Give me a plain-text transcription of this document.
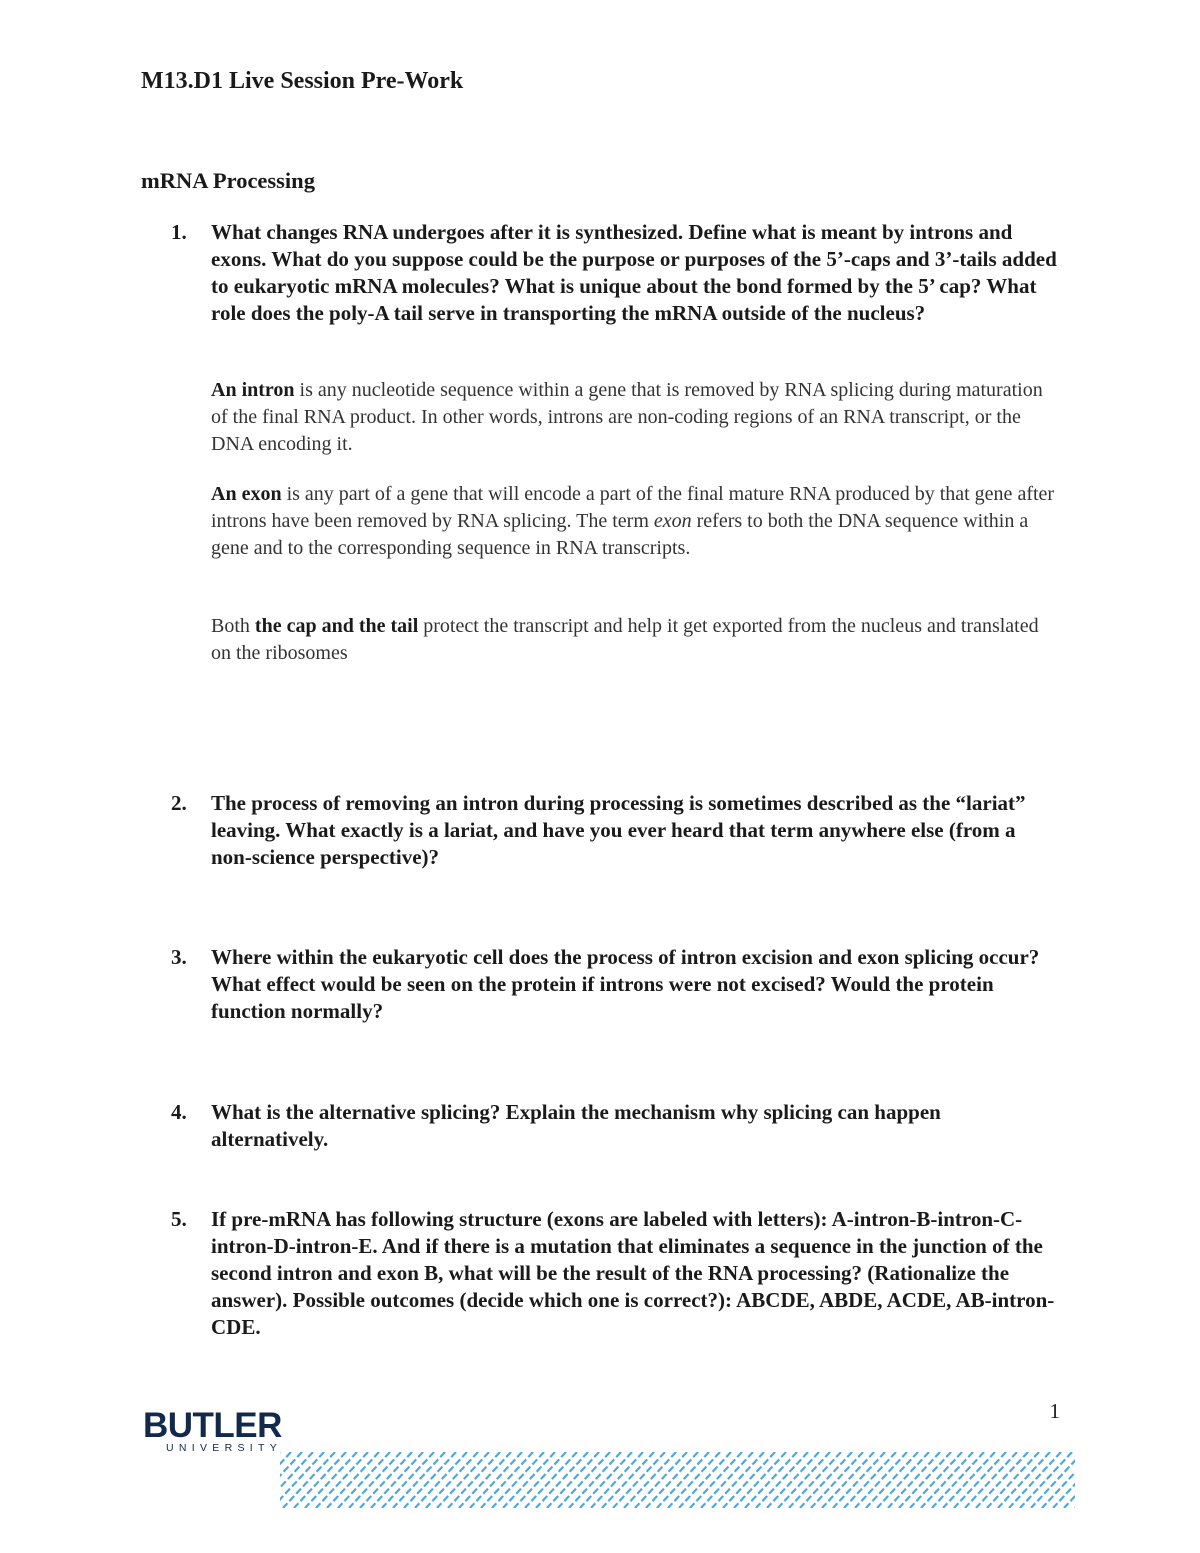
M13.D1 Live Session Pre-Work
mRNA Processing
1.	What changes RNA undergoes after it is synthesized. Define what is meant by introns and exons. What do you suppose could be the purpose or purposes of the 5’-caps and 3’-tails added to eukaryotic mRNA molecules? What is unique about the bond formed by the 5’ cap? What role does the poly-A tail serve in transporting the mRNA outside of the nucleus?

An intron is any nucleotide sequence within a gene that is removed by RNA splicing during maturation of the final RNA product. In other words, introns are non-coding regions of an RNA transcript, or the DNA encoding it.

An exon is any part of a gene that will encode a part of the final mature RNA produced by that gene after introns have been removed by RNA splicing. The term exon refers to both the DNA sequence within a gene and to the corresponding sequence in RNA transcripts.

Both the cap and the tail protect the transcript and help it get exported from the nucleus and translated on the ribosomes

2.	The process of removing an intron during processing is sometimes described as the “lariat” leaving. What exactly is a lariat, and have you ever heard that term anywhere else (from a non-science perspective)?
3.	Where within the eukaryotic cell does the process of intron excision and exon splicing occur? What effect would be seen on the protein if introns were not excised? Would the protein function normally?
4.	What is the alternative splicing? Explain the mechanism why splicing can happen alternatively.
5.	If pre-mRNA has following structure (exons are labeled with letters): A-intron-B-intron-C-intron-D-intron-E. And if there is a mutation that eliminates a sequence in the junction of the second intron and exon B, what will be the result of the RNA processing? (Rationalize the answer). Possible outcomes (decide which one is correct?): ABCDE, ABDE, ACDE, AB-intron-CDE.
1
BUTLER
UNIVERSITY
